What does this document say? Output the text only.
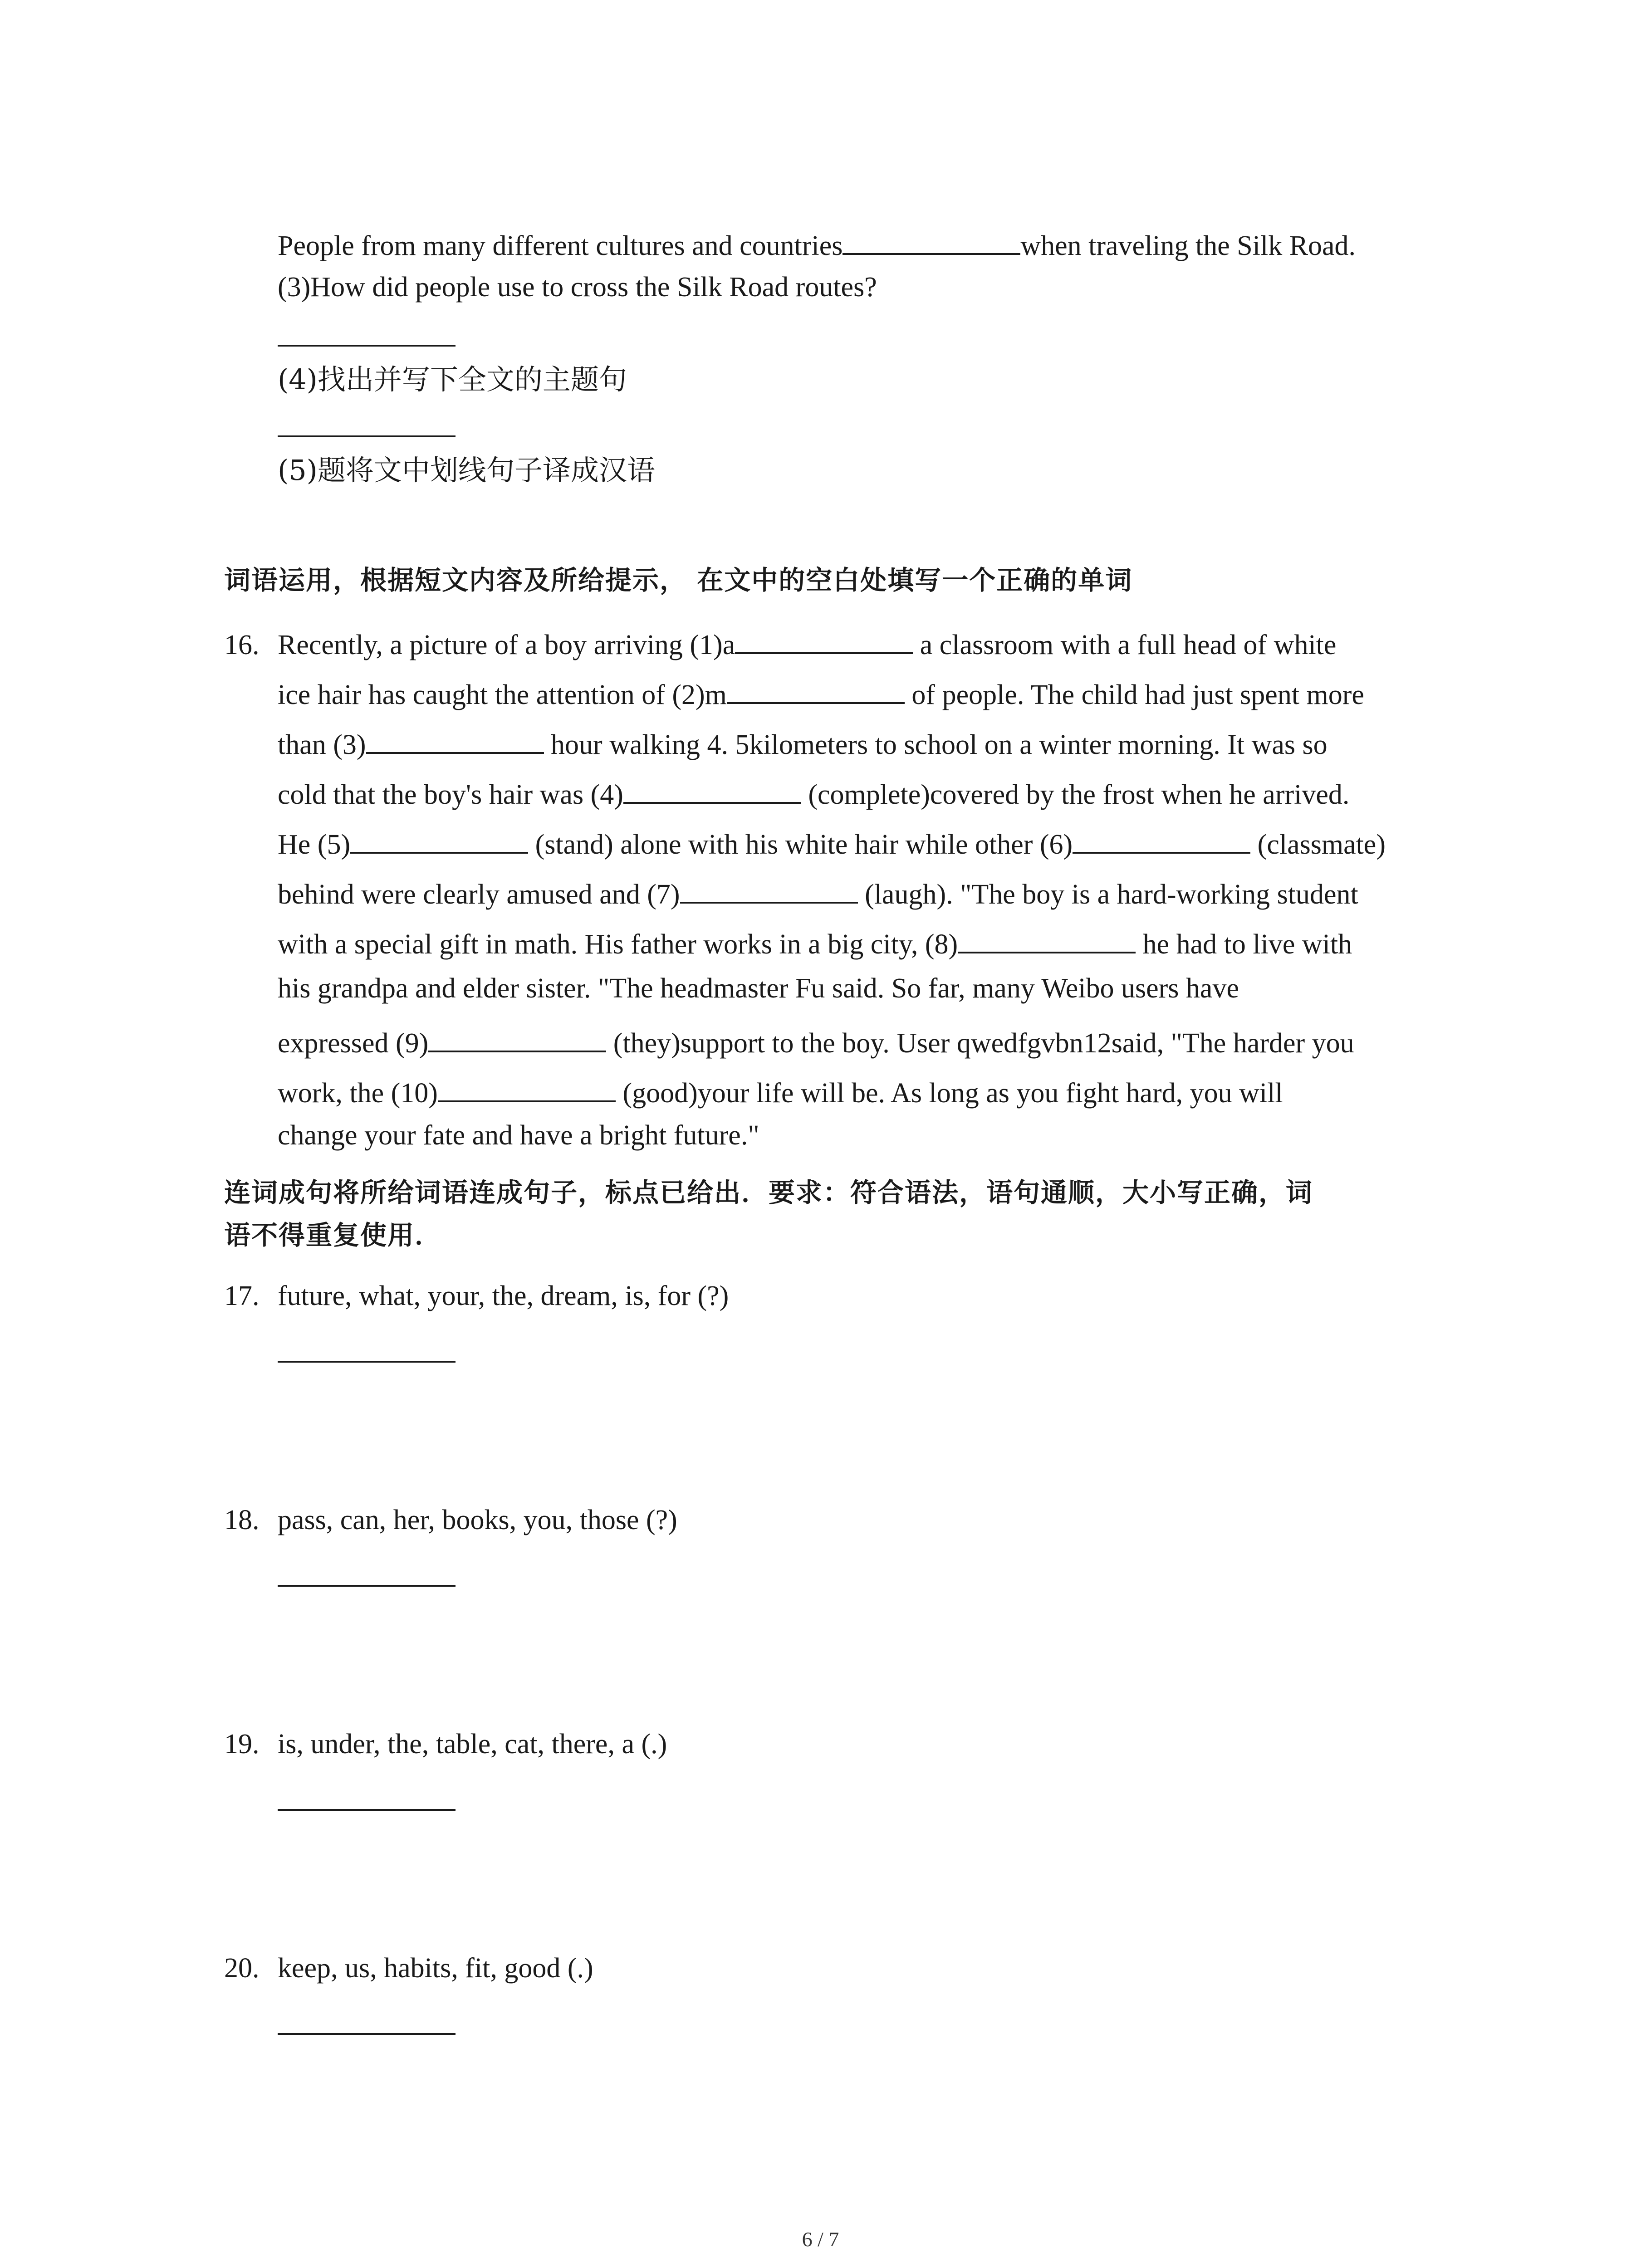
People from many different cultures and countries	when traveling the Silk Road.
(3)How did people use to cross the Silk Road routes?
(4)找出并写下全文的主题句
(5)题将文中划线句子译成汉语
词语运用，根据短文内容及所给提示， 在文中的空白处填写一个正确的单词
16. Recently, a picture of a boy arriving (1)a	a classroom with a full head of white
ice hair has caught the attention of (2)m	of people. The child had just spent more
than (3)	hour walking 4. 5kilometers to school on a winter morning. It was so
cold that the boy's hair was (4)	(complete)covered by the frost when he arrived.
He (5)	(stand) alone with his white hair while other (6)	(classmate)
behind were clearly amused and (7)	(laugh). "The boy is a hard-working student
with a special gift in math. His father works in a big city, (8)	he had to live with
his grandpa and elder sister. "The headmaster Fu said. So far, many Weibo users have
expressed (9)	(they)support to the boy. User qwedfgvbn12said, "The harder you
work, the (10)	(good)your life will be. As long as you fight hard, you will
change your fate and have a bright future."
连词成句将所给词语连成句子，标点已给出．要求：符合语法，语句通顺，大小写正确，词
语不得重复使用．
17. future, what, your, the, dream, is, for (?)
18. pass, can, her, books, you, those (?)
19. is, under, the, table, cat, there, a (.)
20. keep, us, habits, fit, good (.)
6 / 7
